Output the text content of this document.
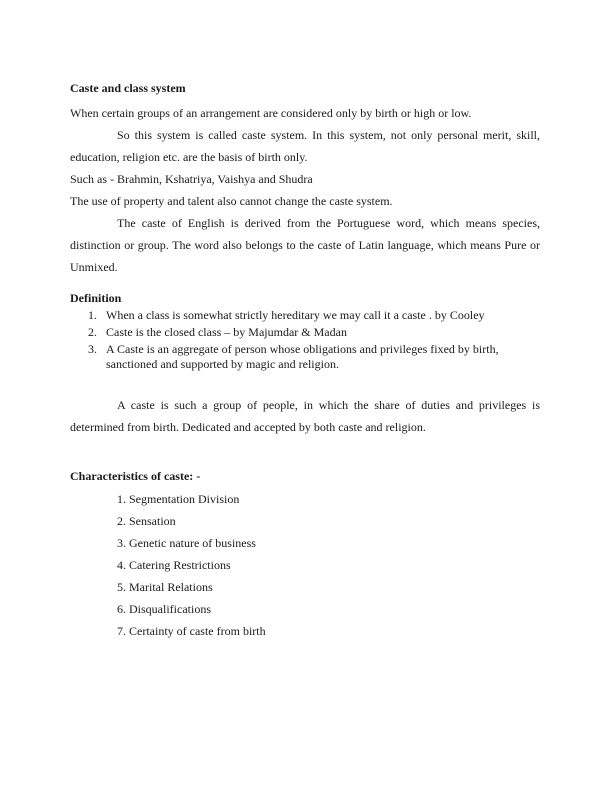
Caste and class system

When certain groups of an arrangement are considered only by birth or high or low.

So this system is called caste system. In this system, not only personal merit, skill, education, religion etc. are the basis of birth only.

Such as - Brahmin, Kshatriya, Vaishya and Shudra

The use of property and talent also cannot change the caste system.

The caste of English is derived from the Portuguese word, which means species, distinction or group. The word also belongs to the caste of Latin language, which means Pure or Unmixed.

Definition
1. When a class is somewhat strictly hereditary we may call it a caste . by Cooley
2. Caste is the closed class – by Majumdar & Madan
3. A Caste is an aggregate of person whose obligations and privileges fixed by birth, sanctioned and supported by magic and religion.

A caste is such a group of people, in which the share of duties and privileges is determined from birth. Dedicated and accepted by both caste and religion.

Characteristics of caste: -
1. Segmentation Division
2. Sensation
3. Genetic nature of business
4. Catering Restrictions
5. Marital Relations
6. Disqualifications
7. Certainty of caste from birth
